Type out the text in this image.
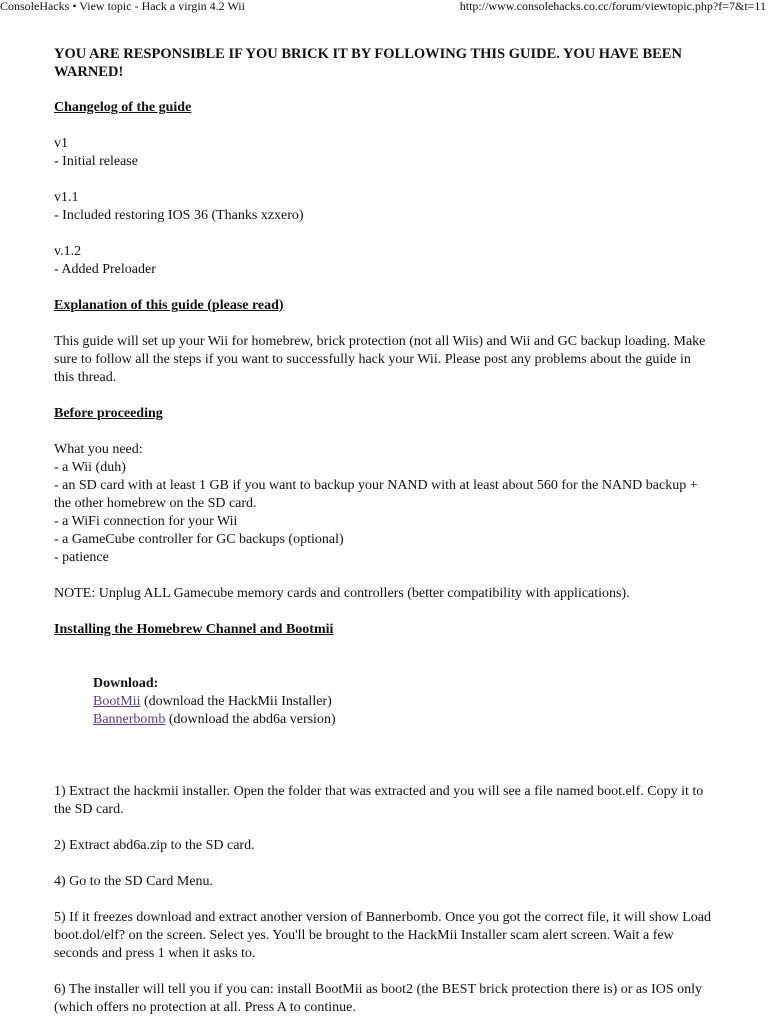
ConsoleHacks • View topic - Hack a virgin 4.2 Wii	http://www.consolehacks.co.cc/forum/viewtopic.php?f=7&t=11
YOU ARE RESPONSIBLE IF YOU BRICK IT BY FOLLOWING THIS GUIDE. YOU HAVE BEEN WARNED!
Changelog of the guide
v1
- Initial release
v1.1
- Included restoring IOS 36 (Thanks xzxero)
v.1.2
- Added Preloader
Explanation of this guide (please read)
This guide will set up your Wii for homebrew, brick protection (not all Wiis) and Wii and GC backup loading. Make sure to follow all the steps if you want to successfully hack your Wii. Please post any problems about the guide in this thread.
Before proceeding
What you need:
- a Wii (duh)
- an SD card with at least 1 GB if you want to backup your NAND with at least about 560 for the NAND backup + the other homebrew on the SD card.
- a WiFi connection for your Wii
- a GameCube controller for GC backups (optional)
- patience
NOTE: Unplug ALL Gamecube memory cards and controllers (better compatibility with applications).
Installing the Homebrew Channel and Bootmii
Download:
BootMii (download the HackMii Installer)
Bannerbomb (download the abd6a version)
1) Extract the hackmii installer. Open the folder that was extracted and you will see a file named boot.elf. Copy it to the SD card.
2) Extract abd6a.zip to the SD card.
4) Go to the SD Card Menu.
5) If it freezes download and extract another version of Bannerbomb. Once you got the correct file, it will show Load boot.dol/elf? on the screen. Select yes. You'll be brought to the HackMii Installer scam alert screen. Wait a few seconds and press 1 when it asks to.
6) The installer will tell you if you can: install BootMii as boot2 (the BEST brick protection there is) or as IOS only (which offers no protection at all. Press A to continue.
